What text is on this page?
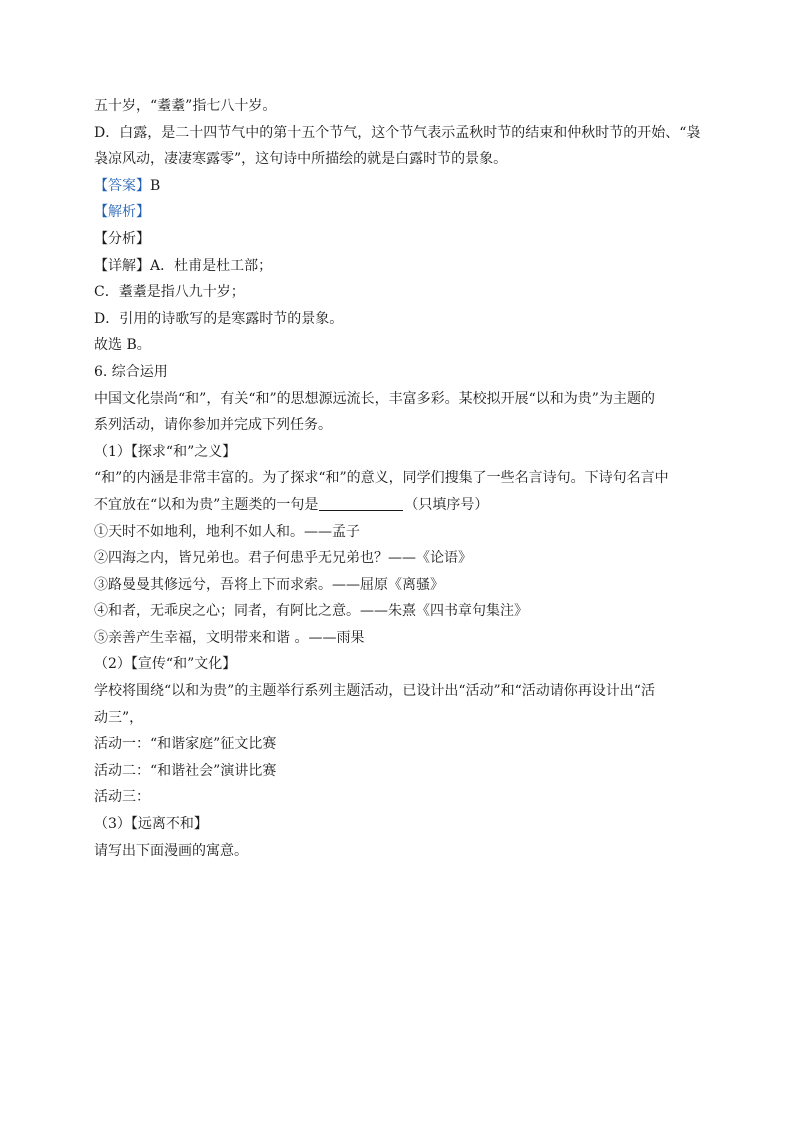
五十岁，“耋耋”指七八十岁。
D．白露，是二十四节气中的第十五个节气，这个节气表示孟秋时节的结束和仲秋时节的开始、“袅
袅凉风动，凄凄寒露零”，这句诗中所描绘的就是白露时节的景象。
【答案】B
【解析】
【分析】
【详解】A．杜甫是杜工部；
C．耋耋是指八九十岁；
D．引用的诗歌写的是寒露时节的景象。
故选 B。
6. 综合运用
中国文化崇尚“和”，有关“和”的思想源远流长，丰富多彩。某校拟开展“以和为贵”为主题的
系列活动，请你参加并完成下列任务。
（1）【探求“和”之义】
“和”的内涵是非常丰富的。为了探求“和”的意义，同学们搜集了一些名言诗句。下诗句名言中
不宜放在“以和为贵”主题类的一句是	（只填序号）
①天时不如地利，地利不如人和。——孟子
②四海之内，皆兄弟也。君子何患乎无兄弟也？——《论语》
③路曼曼其修远兮，吾将上下而求索。——屈原《离骚》
④和者，无乖戾之心；同者，有阿比之意。——朱熹《四书章句集注》
⑤亲善产生幸福，文明带来和谐 。——雨果
（2）【宣传“和”文化】
学校将围绕“以和为贵”的主题举行系列主题活动，已设计出“活动”和“活动请你再设计出“活
动三”，
活动一：“和谐家庭”征文比赛
活动二：“和谐社会”演讲比赛
活动三：
（3）【远离不和】
请写出下面漫画的寓意。
